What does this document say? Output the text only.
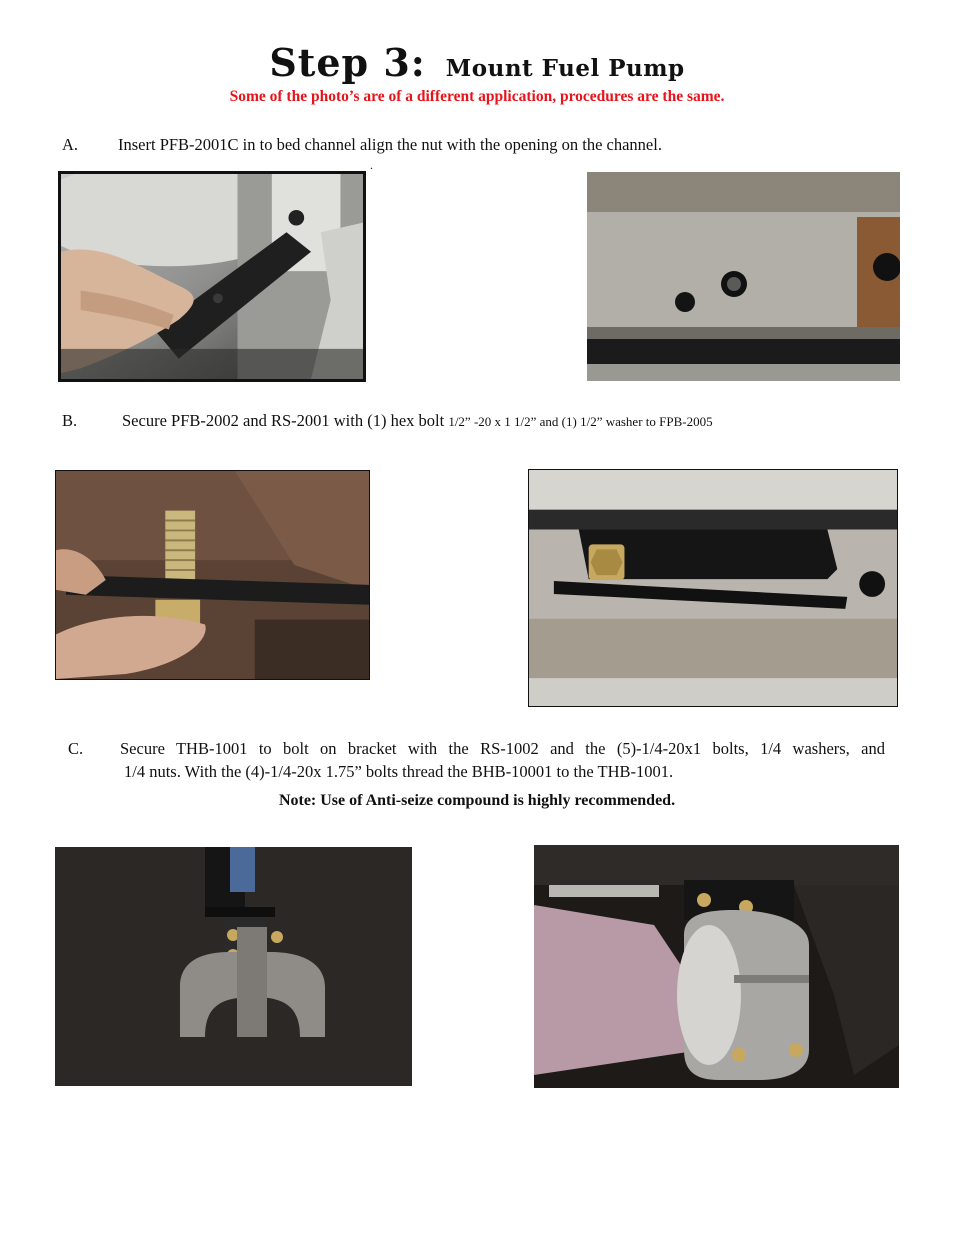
Step 3: Mount Fuel Pump
Some of the photo’s are of a different application, procedures are the same.
A. Insert PFB-2001C in to bed channel align the nut with the opening on the channel.
.
B.	Secure PFB-2002 and RS-2001 with (1) hex bolt 1/2” -20 x 1 1/2” and (1) 1/2” washer to FPB-2005
C. Secure THB-1001 to bolt on bracket with the RS-1002 and the (5)-1/4-20x1 bolts, 1/4 washers, and
1/4 nuts. With the (4)-1/4-20x 1.75” bolts thread the BHB-10001 to the THB-1001.
Note: Use of Anti-seize compound is highly recommended.
